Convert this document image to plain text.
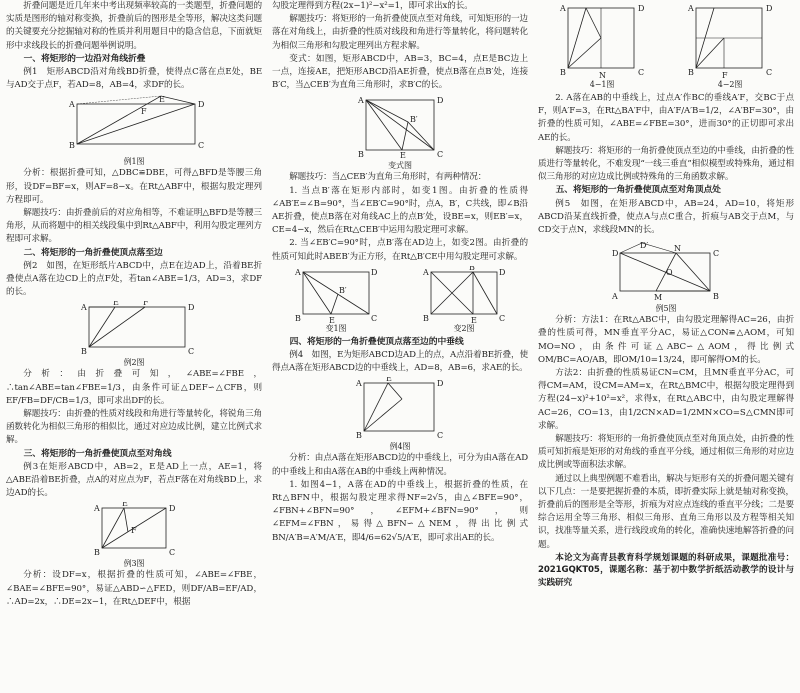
折叠问题是近几年来中考出现频率较高的一类题型，折叠问题的实质是图形的轴对称变换，折叠前后的图形是全等形，解决这类问题的关键要充分挖掘轴对称的性质并利用题目中的隐含信息，下面就矩形中求线段长的折叠问题举例说明。

一、将矩形的一边沿对角线折叠

例1　矩形ABCD沿对角线BD折叠，使得点C落在点E处，BE与AD交于点F，若AD=8，AB=4，求DF的长。

A	D
B	C
E
F
例1图

分析：根据折叠可知，△DBC≌DBE，可得△BFD是等腰三角形，设DF=BF=x，则AF=8−x。在Rt△ABF中，根据勾股定理列方程即可。

解题技巧：由折叠前后的对应角相等，不难证明△BFD是等腰三角形，从而将题中的相关线段集中到Rt△ABF中，利用勾股定理列方程即可求解。

二、将矩形的一角折叠使顶点落至边

例2　如图，在矩形纸片ABCD中，点E在边AD上，沿着BE折叠使点A落在边CD上的点F处，若tan∠ABE=1/3，AD=3，求DF的长。

A
E	F
D
B	C
例2图

分析：由折叠可知，∠ABE=∠FBE，∴tan∠ABE=tan∠FBE=1/3，由条件可证△DEF∽△CFB，则EF/FB=DF/CB=1/3，即可求出DF的长。

解题技巧：由折叠的性质对线段和角进行等量转化，将锐角三角函数转化为相似三角形的相似比，通过对应边成比例，建立比例式求解。

三、将矩形的一角折叠使顶点至对角线

例3在矩形ABCD中，AB=2，E是AD上一点，AE=1，将△ABE沿着BE折叠，点A的对应点为F，若点F落在对角线BD上，求边AD的长。

A
E
D
F
B	C
例3图

分析：设DF=x，根据折叠的性质可知，∠ABE=∠FBE，∠BAE=∠BFE=90°，易证△ABD∽△FED，则DF/AB=EF/AD，∴AD=2x，∴DE=2x−1，在Rt△DEF中，根据

勾股定理得到方程(2x−1)²−x²=1，即可求出x的长。

解题技巧：将矩形的一角折叠使顶点至对角线，可知矩形的一边落在对角线上，由折叠的性质对线段和角进行等量转化，将问题转化为相似三角形和勾股定理列出方程求解。

变式：如图，矩形ABCD中，AB=3，BC=4，点E是BC边上一点，连接AE，把矩形ABCD沿AE折叠，使点B落在点B′处，连接B′C，当△CEB′为直角三角形时，求B′C的长。

A	D
B′
B	E	C
变式图

解题技巧：当△CEB′为直角三角形时，有两种情况：

1. 当点B′落在矩形内部时，如变1图。由折叠的性质得∠AB′E=∠B=90°，当∠EB′C=90°时，点A，B′，C共线，即∠B沿AE折叠，使点B落在对角线AC上的点B′处，设BE=x，则EB′=x，CE=4−x，然后在Rt△CEB′中运用勾股定理可求解。

2. 当∠EB′C=90°时，点B′落在AD边上，如变2图。由折叠的性质可知此时ABEB′为正方形，在Rt△B′CE中用勾股定理可求解。

A	D
B′
B	E	C
变1图
A
B′
D
B	E	C
变2图

四、将矩形的一角折叠使顶点落至边的中垂线

例4　如图，E为矩形ABCD边AD上的点，A点沿着BE折叠，使得点A落在矩形ABCD边的中垂线上，AD=8，AB=6，求AE的长。

A
E
D
B	C
例4图

分析：由点A落在矩形ABCD边的中垂线上，可分为由A落在AD的中垂线上和由A落在AB的中垂线上两种情况。

1. 如图4−1，A落在AD的中垂线上，根据折叠的性质，在Rt△BFN中，根据勾股定理求得NF=2√5，由△∠BFE=90°，∠FBN+∠BFN=90°，∠EFM+∠BFN=90°，则∠EFM=∠FBN，易得△BFN∽△NEM，得出比例式BN/A′B=A′M/A′E，即4/6=62√5/A′E，即可求出AE的长。

A	D
B	N	C
4−1图
A	D
B	F	C
4−2图

2. A落在AB的中垂线上，过点A′作BC的垂线A′F，交BC于点F，则A′F=3，在Rt△BA′F中，由A′F/A′B=1/2，∠A′BF=30°，由折叠的性质可知，∠ABE=∠FBE=30°，进而30°的正切即可求出AE的长。

解题技巧：将矩形的一角折叠使顶点至边的中垂线，由折叠的性质进行等量转化，不难发现“一线三垂直”相似模型或特殊角，通过相似三角形的对应边成比例或特殊角的三角函数求解。

五、将矩形的一角折叠使顶点至对角顶点处

例5　如图，在矩形ABCD中，AB=24，AD=10，将矩形ABCD沿某直线折叠，使点A与点C重合，折痕与AB交于点M，与CD交于点N，求线段MN的长。

D
D′	N
C
A	M	B
O
例5图

分析：方法1：在Rt△ABC中，由勾股定理解得AC=26，由折叠的性质可得，MN垂直平分AC，易证△CON≌△AOM，可知MO=NO，由条件可证△ABC∽△AOM，得比例式OM/BC=AO/AB，即OM/10=13/24，即可解得OM的长。

方法2：由折叠的性质易证CN=CM，且MN垂直平分AC，可得CM=AM，设CM=AM=x，在Rt△BMC中，根据勾股定理得到方程(24−x)²+10²=x²，求得x，在Rt△ABC中，由勾股定理解得AC=26，CO=13，由1/2CN×AD=1/2MN×CO=S△CMN即可求解。

解题技巧：将矩形的一角折叠使顶点至对角顶点处，由折叠的性质可知折痕是矩形的对角线的垂直平分线，通过相似三角形的对应边成比例或等面积法求解。

通过以上典型例题不难看出，解决与矩形有关的折叠问题关键有以下几点：一是要把握折叠的本质，即折叠实际上就是轴对称变换，折叠前后的图形是全等形，折痕为对应点连线的垂直平分线；二是要综合运用全等三角形、相似三角形、直角三角形以及方程等相关知识，找准等量关系，进行线段或角的转化，准确快速地解答折叠的问题。

本论文为高青县教育科学规划课题的科研成果，课题批准号：2021GQKT05，课题名称：基于初中数学折纸活动教学的设计与实践研究
